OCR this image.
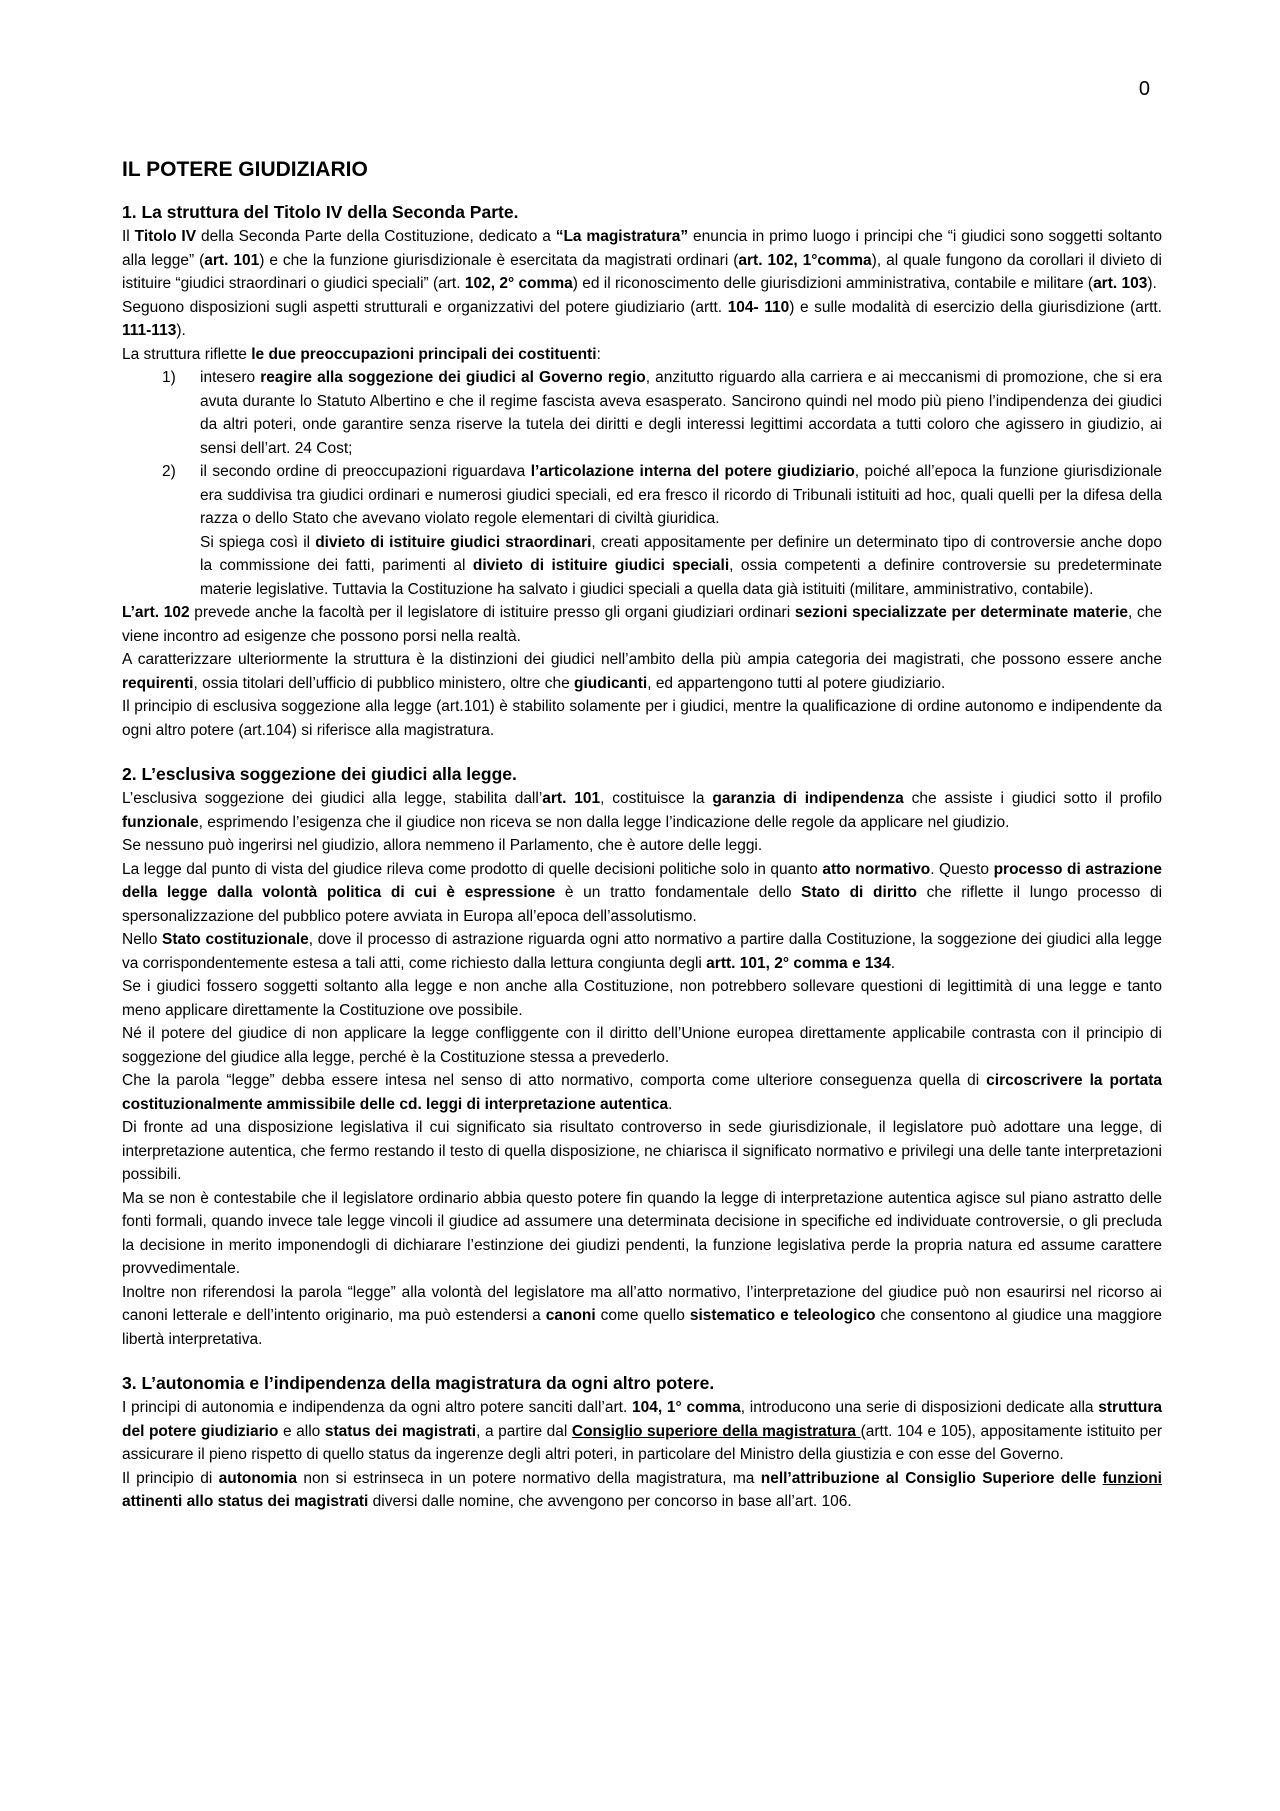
0
IL POTERE GIUDIZIARIO
1. La struttura del Titolo IV della Seconda Parte.

Il Titolo IV della Seconda Parte della Costituzione, dedicato a “La magistratura” enuncia in primo luogo i principi che “i giudici sono soggetti soltanto alla legge” (art. 101) e che la funzione giurisdizionale è esercitata da magistrati ordinari (art. 102, 1°comma), al quale fungono da corollari il divieto di istituire “giudici straordinari o giudici speciali” (art. 102, 2° comma) ed il riconoscimento delle giurisdizioni amministrativa, contabile e militare (art. 103).

Seguono disposizioni sugli aspetti strutturali e organizzativi del potere giudiziario (artt. 104- 110) e sulle modalità di esercizio della giurisdizione (artt. 111-113).

La struttura riflette le due preoccupazioni principali dei costituenti:

1)	intesero reagire alla soggezione dei giudici al Governo regio, anzitutto riguardo alla carriera e ai meccanismi di promozione, che si era avuta durante lo Statuto Albertino e che il regime fascista aveva esasperato. Sancirono quindi nel modo più pieno l’indipendenza dei giudici da altri poteri, onde garantire senza riserve la tutela dei diritti e degli interessi legittimi accordata a tutti coloro che agissero in giudizio, ai sensi dell’art. 24 Cost;
2)	il secondo ordine di preoccupazioni riguardava l’articolazione interna del potere giudiziario, poiché all’epoca la funzione giurisdizionale era suddivisa tra giudici ordinari e numerosi giudici speciali, ed era fresco il ricordo di Tribunali istituiti ad hoc, quali quelli per la difesa della razza o dello Stato che avevano violato regole elementari di civiltà giuridica.
Si spiega così il divieto di istituire giudici straordinari, creati appositamente per definire un determinato tipo di controversie anche dopo la commissione dei fatti, parimenti al divieto di istituire giudici speciali, ossia competenti a definire controversie su predeterminate materie legislative. Tuttavia la Costituzione ha salvato i giudici speciali a quella data già istituiti (militare, amministrativo, contabile).

L’art. 102 prevede anche la facoltà per il legislatore di istituire presso gli organi giudiziari ordinari sezioni specializzate per determinate materie, che viene incontro ad esigenze che possono porsi nella realtà.

A caratterizzare ulteriormente la struttura è la distinzioni dei giudici nell’ambito della più ampia categoria dei magistrati, che possono essere anche requirenti, ossia titolari dell’ufficio di pubblico ministero, oltre che giudicanti, ed appartengono tutti al potere giudiziario.

Il principio di esclusiva soggezione alla legge (art.101) è stabilito solamente per i giudici, mentre la qualificazione di ordine autonomo e indipendente da ogni altro potere (art.104) si riferisce alla magistratura.

2. L’esclusiva soggezione dei giudici alla legge.

L’esclusiva soggezione dei giudici alla legge, stabilita dall’art. 101, costituisce la garanzia di indipendenza che assiste i giudici sotto il profilo funzionale, esprimendo l’esigenza che il giudice non riceva se non dalla legge l’indicazione delle regole da applicare nel giudizio.

Se nessuno può ingerirsi nel giudizio, allora nemmeno il Parlamento, che è autore delle leggi.

La legge dal punto di vista del giudice rileva come prodotto di quelle decisioni politiche solo in quanto atto normativo. Questo processo di astrazione della legge dalla volontà politica di cui è espressione è un tratto fondamentale dello Stato di diritto che riflette il lungo processo di spersonalizzazione del pubblico potere avviata in Europa all’epoca dell’assolutismo.

Nello Stato costituzionale, dove il processo di astrazione riguarda ogni atto normativo a partire dalla Costituzione, la soggezione dei giudici alla legge va corrispondentemente estesa a tali atti, come richiesto dalla lettura congiunta degli artt. 101, 2° comma e 134.

Se i giudici fossero soggetti soltanto alla legge e non anche alla Costituzione, non potrebbero sollevare questioni di legittimità di una legge e tanto meno applicare direttamente la Costituzione ove possibile.

Né il potere del giudice di non applicare la legge confliggente con il diritto dell’Unione europea direttamente applicabile contrasta con il principio di soggezione del giudice alla legge, perché è la Costituzione stessa a prevederlo.

Che la parola “legge” debba essere intesa nel senso di atto normativo, comporta come ulteriore conseguenza quella di circoscrivere la portata costituzionalmente ammissibile delle cd. leggi di interpretazione autentica.

Di fronte ad una disposizione legislativa il cui significato sia risultato controverso in sede giurisdizionale, il legislatore può adottare una legge, di interpretazione autentica, che fermo restando il testo di quella disposizione, ne chiarisca il significato normativo e privilegi una delle tante interpretazioni possibili.

Ma se non è contestabile che il legislatore ordinario abbia questo potere fin quando la legge di interpretazione autentica agisce sul piano astratto delle fonti formali, quando invece tale legge vincoli il giudice ad assumere una determinata decisione in specifiche ed individuate controversie, o gli precluda la decisione in merito imponendogli di dichiarare l’estinzione dei giudizi pendenti, la funzione legislativa perde la propria natura ed assume carattere provvedimentale.

Inoltre non riferendosi la parola “legge” alla volontà del legislatore ma all’atto normativo, l’interpretazione del giudice può non esaurirsi nel ricorso ai canoni letterale e dell’intento originario, ma può estendersi a canoni come quello sistematico e teleologico che consentono al giudice una maggiore libertà interpretativa.

3. L’autonomia e l’indipendenza della magistratura da ogni altro potere.

I principi di autonomia e indipendenza da ogni altro potere sanciti dall’art. 104, 1° comma, introducono una serie di disposizioni dedicate alla struttura del potere giudiziario e allo status dei magistrati, a partire dal Consiglio superiore della magistratura (artt. 104 e 105), appositamente istituito per assicurare il pieno rispetto di quello status da ingerenze degli altri poteri, in particolare del Ministro della giustizia e con esse del Governo.

Il principio di autonomia non si estrinseca in un potere normativo della magistratura, ma nell’attribuzione al Consiglio Superiore delle funzioni attinenti allo status dei magistrati diversi dalle nomine, che avvengono per concorso in base all’art. 106.
